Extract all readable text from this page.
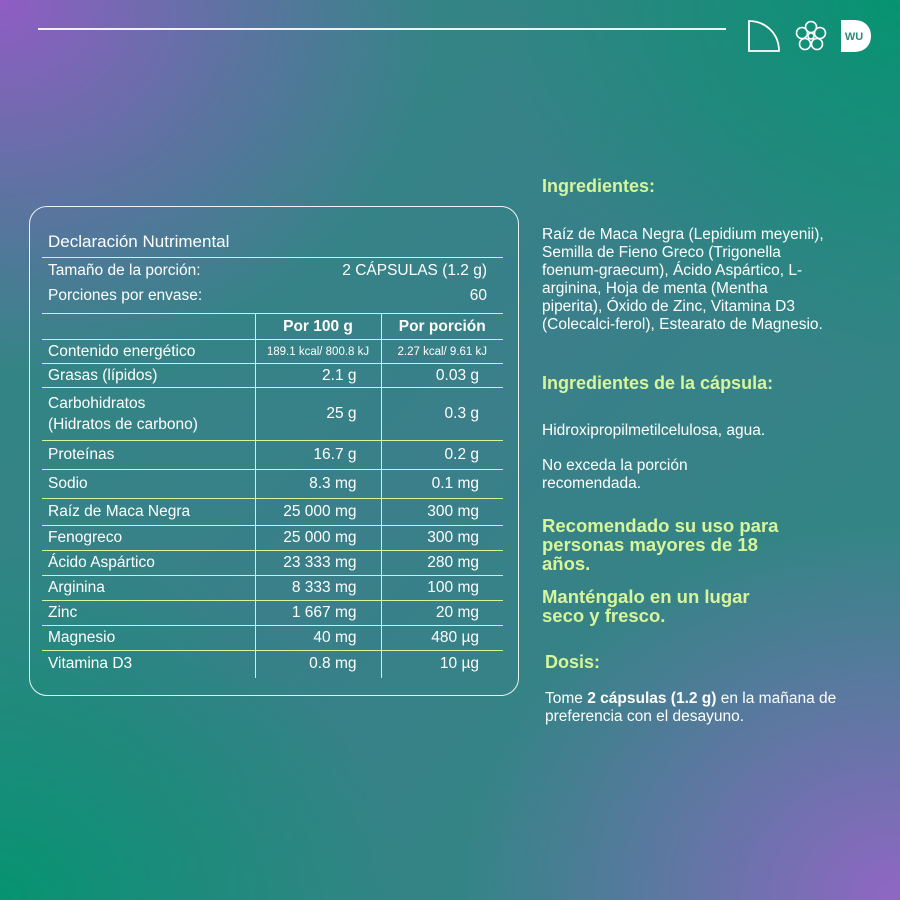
WU
Declaración Nutrimental
Tamaño de la porción:	2 CÁPSULAS (1.2 g)
Porciones por envase:	60
	Por 100 g	Por porción
Contenido energético	189.1 kcal/ 800.8 kJ	2.27 kcal/ 9.61 kJ
Grasas (lípidos)	2.1 g	0.03 g
Carbohidratos
(Hidratos de carbono)	25 g	0.3 g
Proteínas	16.7 g	0.2 g
Sodio	8.3 mg	0.1 mg
Raíz de Maca Negra	25 000 mg	300 mg
Fenogreco	25 000 mg	300 mg
Ácido Aspártico	23 333 mg	280 mg
Arginina	8 333 mg	100 mg
Zinc	1 667 mg	20 mg
Magnesio	40 mg	480 µg
Vitamina D3	0.8 mg	10 µg
Ingredientes:
Raíz de Maca Negra (Lepidium meyenii), Semilla de Fieno Greco (Trigonella foenum-graecum), Ácido Aspártico, L-arginina, Hoja de menta (Mentha piperita), Óxido de Zinc, Vitamina D3 (Colecalci-ferol), Estearato de Magnesio.
Ingredientes de la cápsula:
Hidroxipropilmetilcelulosa, agua.
No exceda la porción recomendada.
Recomendado su uso para personas mayores de 18 años.
Manténgalo en un lugar seco y fresco.
Dosis:
Tome 2 cápsulas (1.2 g) en la mañana de preferencia con el desayuno.
